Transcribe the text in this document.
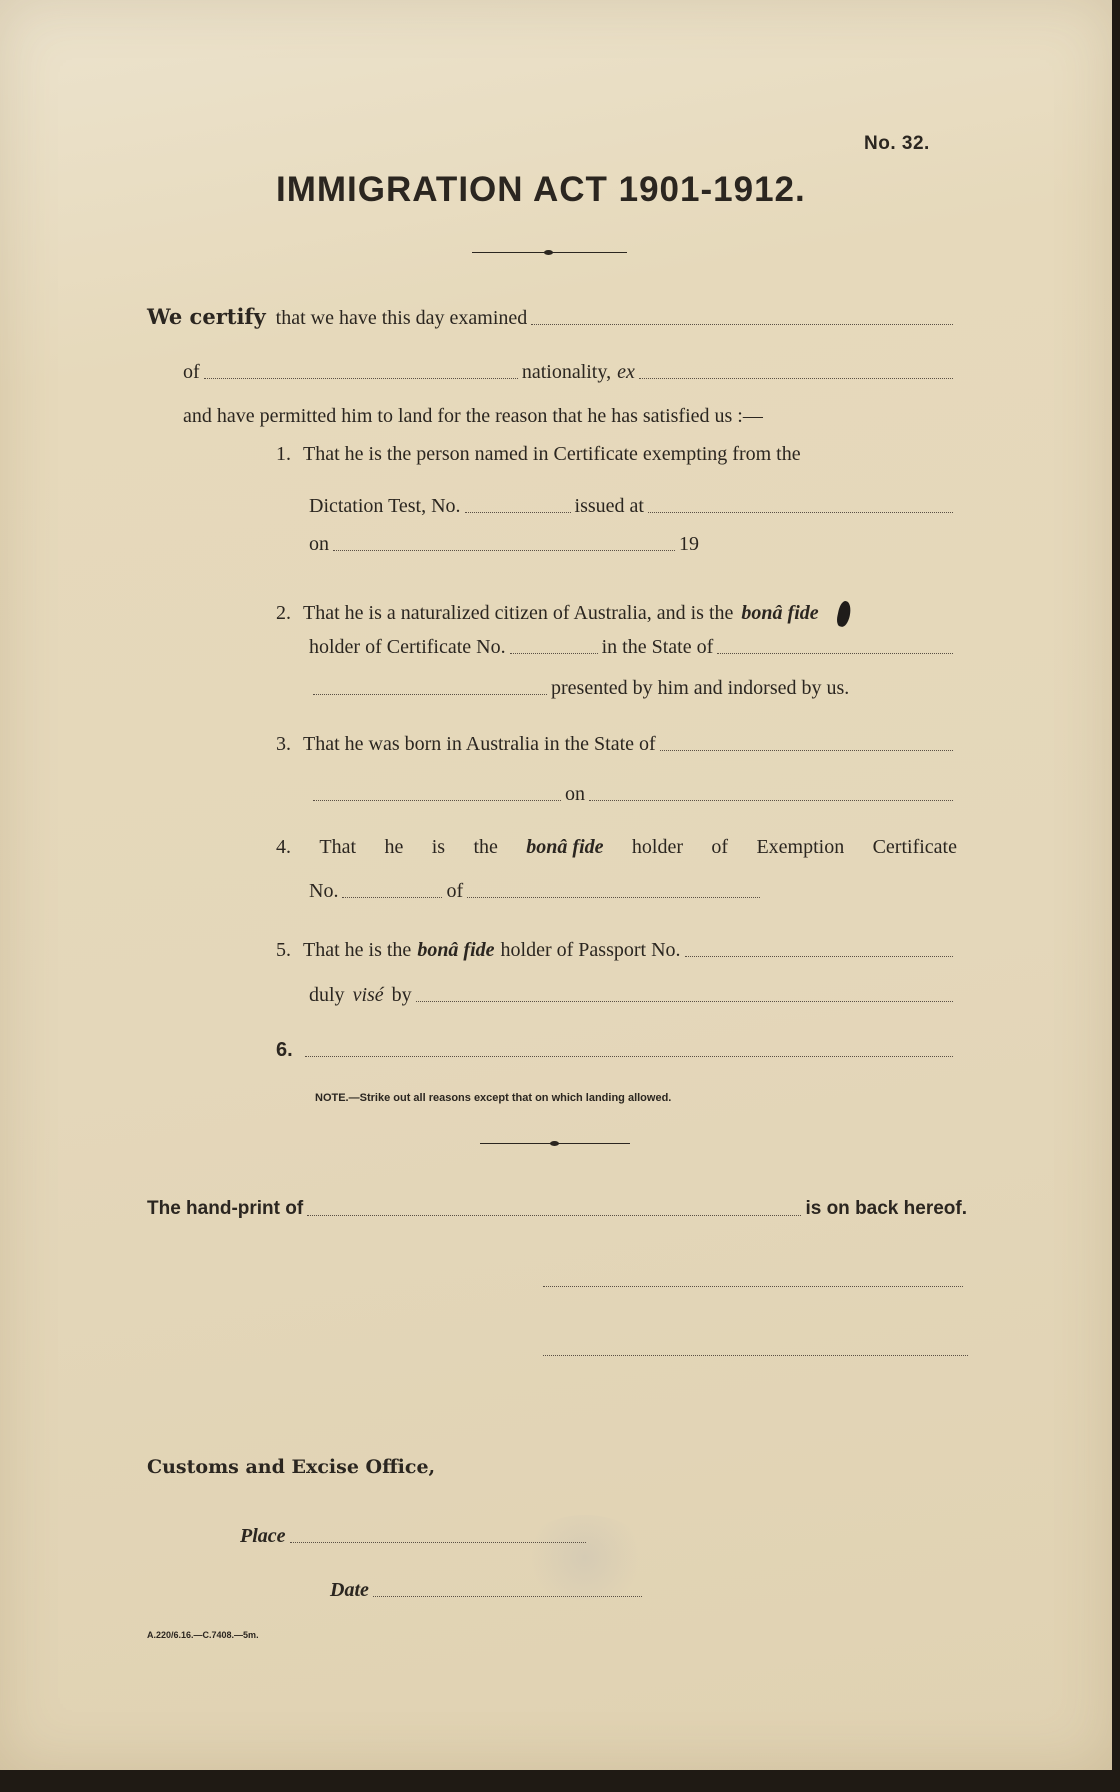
No. 32.
IMMIGRATION ACT 1901-1912.
We certify that we have this day examined
of	nationality, ex
and have permitted him to land for the reason that he has satisfied us :—
1. That he is the person named in Certificate exempting from the
Dictation Test, No.	issued at
on	19
2. That he is a naturalized citizen of Australia, and is the bonâ fide
holder of Certificate No.	in the State of
presented by him and indorsed by us.
3. That he was born in Australia in the State of
on
4. That he is the bonâ fide holder of Exemption Certificate
No.	of
5. That he is the bonâ fide holder of Passport No.
duly visé by
6.
NOTE.—Strike out all reasons except that on which landing allowed.
The hand-print of	is on back hereof.
Customs and Excise Office,
Place
Date
A.220/6.16.—C.7408.—5m.
